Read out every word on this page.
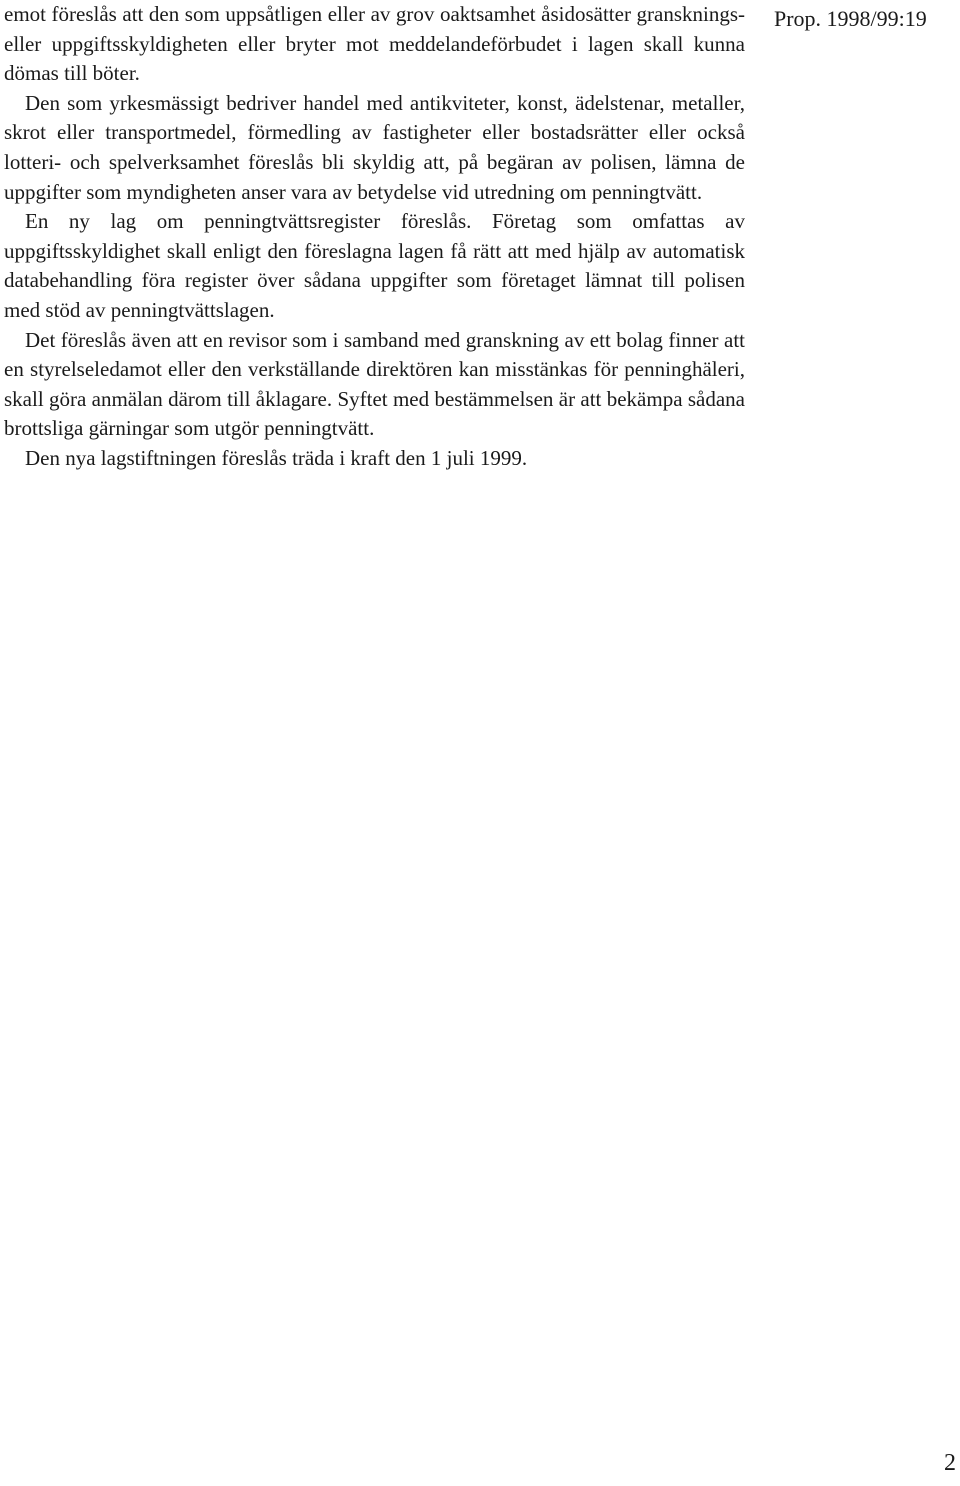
emot föreslås att den som uppsåtligen eller av grov oaktsamhet åsidosätter gransknings- eller uppgiftsskyldigheten eller bryter mot meddelandeförbudet i lagen skall kunna dömas till böter.

Den som yrkesmässigt bedriver handel med antikviteter, konst, ädelstenar, metaller, skrot eller transportmedel, förmedling av fastigheter eller bostadsrätter eller också lotteri- och spelverksamhet föreslås bli skyldig att, på begäran av polisen, lämna de uppgifter som myndigheten anser vara av betydelse vid utredning om penningtvätt.

En ny lag om penningtvättsregister föreslås. Företag som omfattas av uppgiftsskyldighet skall enligt den föreslagna lagen få rätt att med hjälp av automatisk databehandling föra register över sådana uppgifter som företaget lämnat till polisen med stöd av penningtvättslagen.

Det föreslås även att en revisor som i samband med granskning av ett bolag finner att en styrelseledamot eller den verkställande direktören kan misstänkas för penninghäleri, skall göra anmälan därom till åklagare. Syftet med bestämmelsen är att bekämpa sådana brottsliga gärningar som utgör penningtvätt.

Den nya lagstiftningen föreslås träda i kraft den 1 juli 1999.

Prop. 1998/99:19
2
